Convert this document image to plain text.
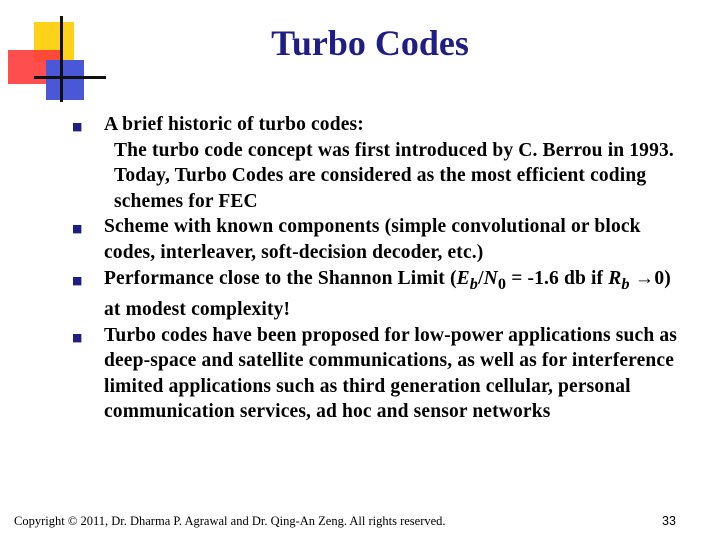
Turbo Codes
■ A brief historic of turbo codes:
The turbo code concept was first introduced by C. Berrou in 1993. Today, Turbo Codes are considered as the most efficient coding schemes for FEC
■ Scheme with known components (simple convolutional or block codes, interleaver, soft-decision decoder, etc.)
■ Performance close to the Shannon Limit ($E_b/N_0 = -1.6$ db if $R_b \to 0$) at modest complexity!
■ Turbo codes have been proposed for low-power applications such as deep-space and satellite communications, as well as for interference limited applications such as third generation cellular, personal communication services, ad hoc and sensor networks
Copyright © 2011, Dr. Dharma P. Agrawal and Dr. Qing-An Zeng. All rights reserved.	33
